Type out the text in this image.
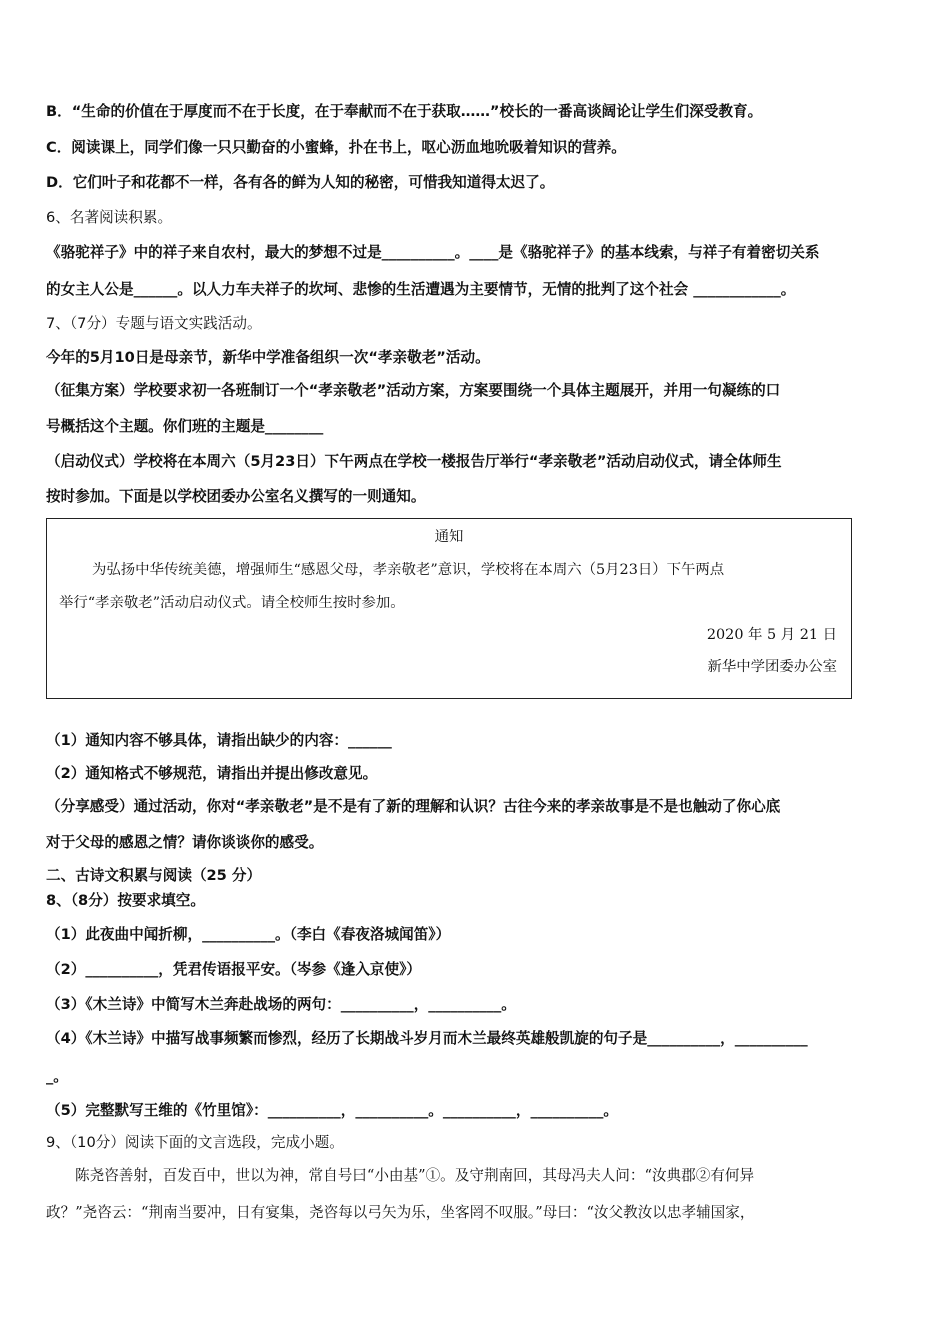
B．“生命的价值在于厚度而不在于长度，在于奉献而不在于获取……”校长的一番高谈阔论让学生们深受教育。
C．阅读课上，同学们像一只只勤奋的小蜜蜂，扑在书上，呕心沥血地吮吸着知识的营养。
D．它们叶子和花都不一样，各有各的鲜为人知的秘密，可惜我知道得太迟了。
6、名著阅读积累。
《骆驼祥子》中的祥子来自农村，最大的梦想不过是__________。____是《骆驼祥子》的基本线索，与祥子有着密切关系
的女主人公是______。以人力车夫祥子的坎坷、悲惨的生活遭遇为主要情节，无情的批判了这个社会 ____________。
7、（7分）专题与语文实践活动。
今年的5月10日是母亲节，新华中学准备组织一次“孝亲敬老”活动。
（征集方案）学校要求初一各班制订一个“孝亲敬老”活动方案，方案要围绕一个具体主题展开，并用一句凝练的口
号概括这个主题。你们班的主题是________
（启动仪式）学校将在本周六（5月23日）下午两点在学校一楼报告厅举行“孝亲敬老”活动启动仪式，请全体师生
按时参加。下面是以学校团委办公室名义撰写的一则通知。
通知
为弘扬中华传统美德，增强师生“感恩父母，孝亲敬老”意识，学校将在本周六（5月23日）下午两点
举行“孝亲敬老”活动启动仪式。请全校师生按时参加。
2020 年 5 月 21 日
新华中学团委办公室
（1）通知内容不够具体，请指出缺少的内容：______
（2）通知格式不够规范，请指出并提出修改意见。
（分享感受）通过活动，你对“孝亲敬老”是不是有了新的理解和认识？古往今来的孝亲故事是不是也触动了你心底
对于父母的感恩之情？请你谈谈你的感受。
二、古诗文积累与阅读（25 分）
8、（8分）按要求填空。
（1）此夜曲中闻折柳，__________。（李白《春夜洛城闻笛》）
（2）__________，凭君传语报平安。（岑参《逢入京使》）
（3）《木兰诗》中简写木兰奔赴战场的两句：__________，__________。
（4）《木兰诗》中描写战事频繁而惨烈，经历了长期战斗岁月而木兰最终英雄般凯旋的句子是__________，__________
_。
（5）完整默写王维的《竹里馆》：__________，__________。__________，__________。
9、（10分）阅读下面的文言选段，完成小题。
陈尧咨善射，百发百中，世以为神，常自号曰“小由基”①。及守荆南回，其母冯夫人问：“汝典郡②有何异
政？”尧咨云：“荆南当要冲，日有宴集，尧咨每以弓矢为乐，坐客罔不叹服。”母曰：“汝父教汝以忠孝辅国家，
